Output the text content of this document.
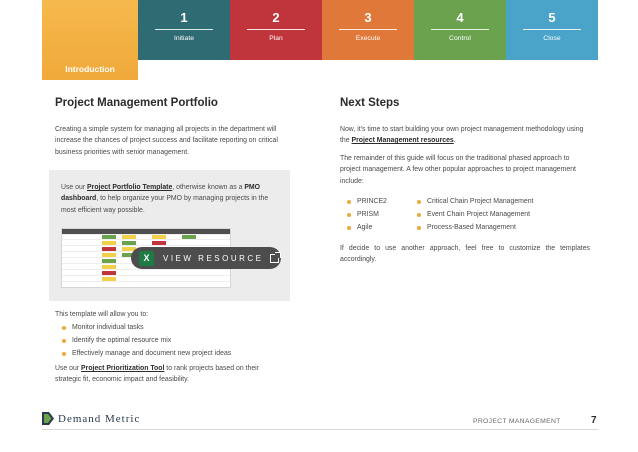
Introduction
1
Initiate
2
Plan
3
Execute
4
Control
5
Close
Project Management Portfolio
Creating a simple system for managing all projects in the department will increase the chances of project success and facilitate reporting on critical business priorities with senior management.
Use our Project Portfolio Template, otherwise known as a PMO dashboard, to help organize your PMO by managing projects in the most efficient way possible.
X	VIEW RESOURCE
This template will allow you to:
Monitor individual tasks
Identify the optimal resource mix
Effectively manage and document new project ideas
Use our Project Prioritization Tool to rank projects based on their strategic fit, economic impact and feasibility.
Next Steps
Now, it's time to start building your own project management methodology using the Project Management resources.
The remainder of this guide will focus on the traditional phased approach to project management. A few other popular approaches to project management include:
PRINCE2
PRISM
Agile
Critical Chain Project Management
Event Chain Project Management
Process-Based Management
If decide to use another approach, feel free to customize the templates accordingly.
Demand Metric	PROJECT MANAGEMENT	7
